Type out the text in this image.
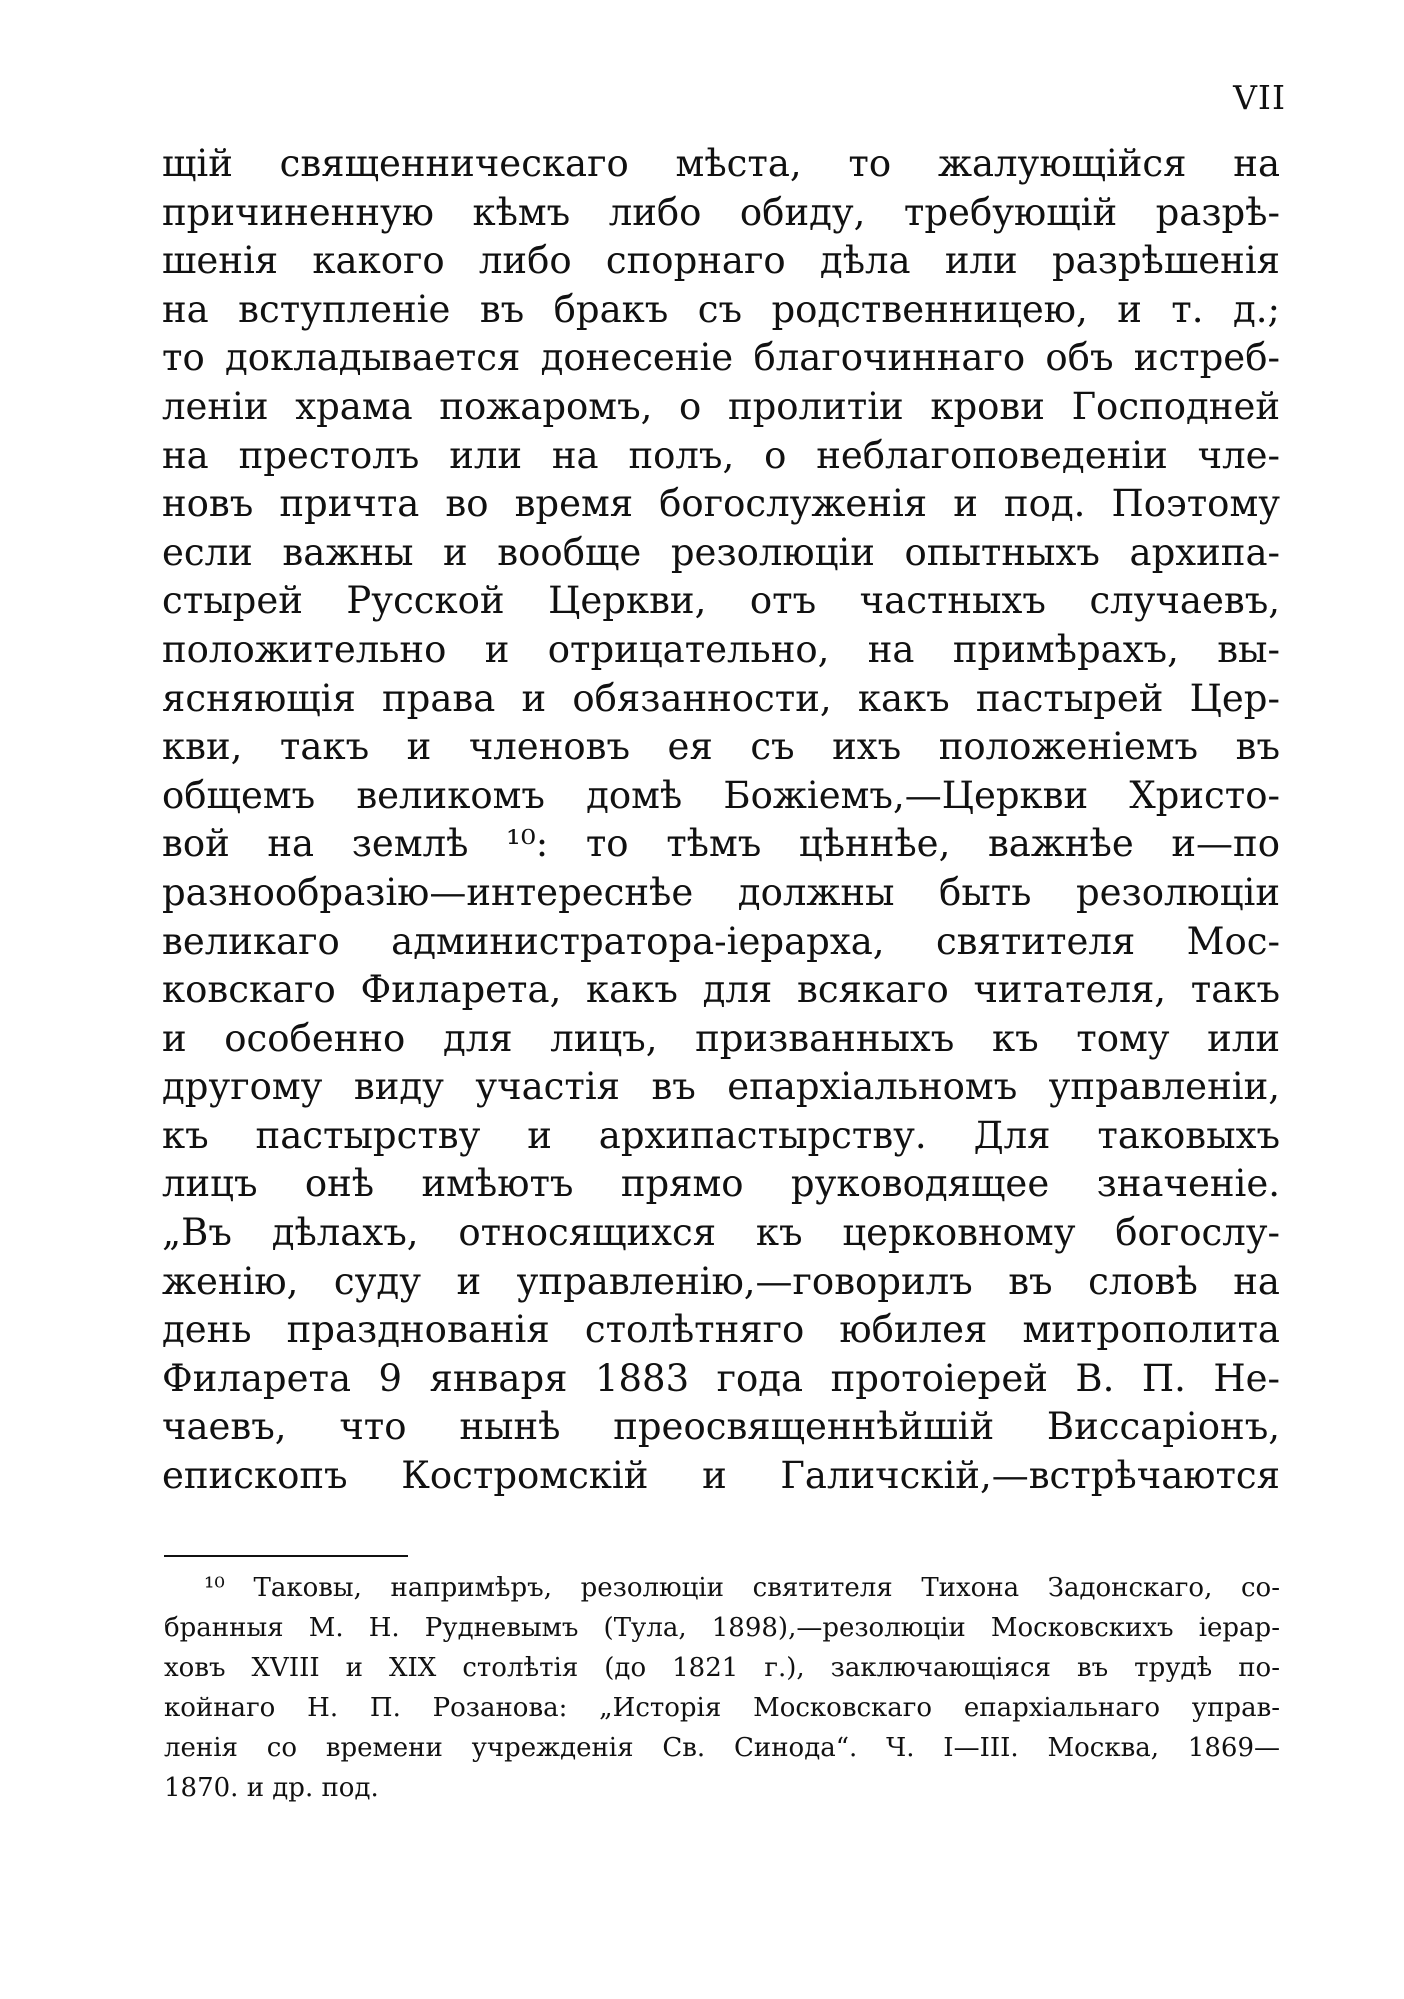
VII
щій священническаго мѣста, то жалующійся на
причиненную кѣмъ либо обиду, требующій разрѣ-
шенія какого либо спорнаго дѣла или разрѣшенія
на вступленіе въ бракъ съ родственницею, и т. д.;
то докладывается донесеніе благочиннаго объ истреб-
леніи храма пожаромъ, о пролитіи крови Господней
на престолъ или на полъ, о неблагоповеденіи чле-
новъ причта во время богослуженія и под. Поэтому
если важны и вообще резолюціи опытныхъ архипа-
стырей Русской Церкви, отъ частныхъ случаевъ,
положительно и отрицательно, на примѣрахъ, вы-
ясняющія права и обязанности, какъ пастырей Цер-
кви, такъ и членовъ ея съ ихъ положеніемъ въ
общемъ великомъ домѣ Божіемъ,—Церкви Христо-
вой на землѣ ¹⁰: то тѣмъ цѣннѣе, важнѣе и—по
разнообразію—интереснѣе должны быть резолюціи
великаго администратора-іерарха, святителя Мос-
ковскаго Филарета, какъ для всякаго читателя, такъ
и особенно для лицъ, призванныхъ къ тому или
другому виду участія въ епархіальномъ управленіи,
къ пастырству и архипастырству. Для таковыхъ
лицъ онѣ имѣютъ прямо руководящее значеніе.
„Въ дѣлахъ, относящихся къ церковному богослу-
женію, суду и управленію,—говорилъ въ словѣ на
день празднованія столѣтняго юбилея митрополита
Филарета 9 января 1883 года протоіерей В. П. Не-
чаевъ, что нынѣ преосвященнѣйшій Виссаріонъ,
епископъ Костромскій и Галичскій,—встрѣчаются
¹⁰ Таковы, напримѣръ, резолюціи святителя Тихона Задонскаго, со-
бранныя М. Н. Рудневымъ (Тула, 1898),—резолюціи Московскихъ іерар-
ховъ XVIII и XIX столѣтія (до 1821 г.), заключающіяся въ трудѣ по-
койнаго Н. П. Розанова: „Исторія Московскаго епархіальнаго управ-
ленія со времени учрежденія Св. Синода“. Ч. I—III. Москва, 1869—
1870. и др. под.
